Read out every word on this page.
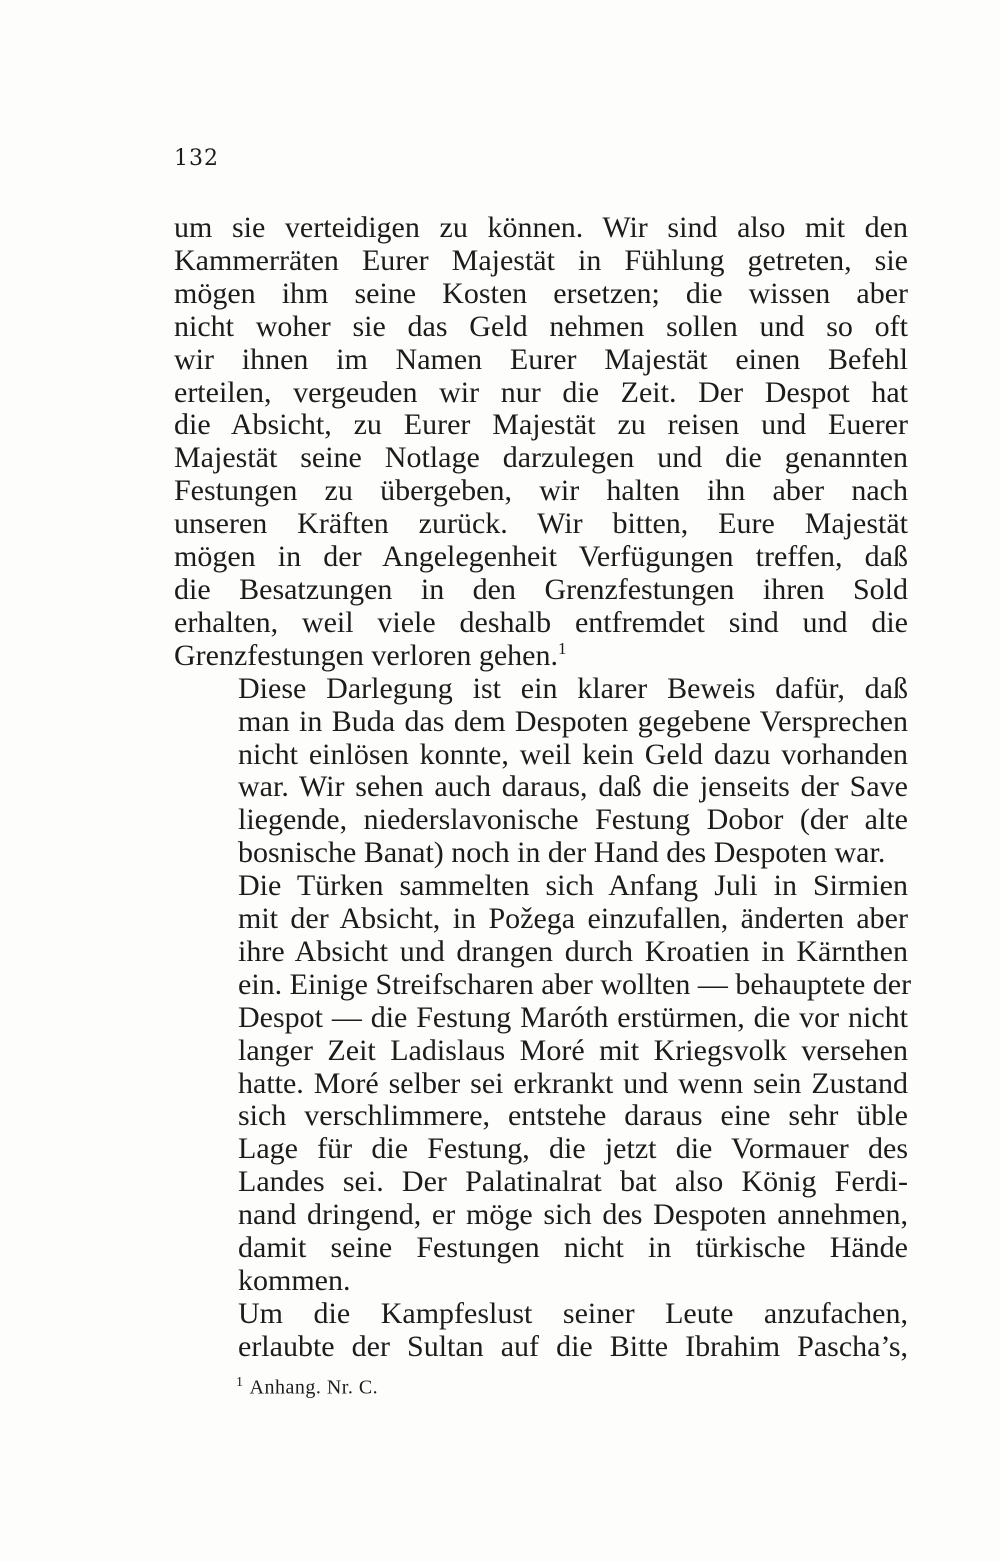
132

um sie verteidigen zu können. Wir sind also mit den
Kammerräten Eurer Majestät in Fühlung getreten, sie
mögen ihm seine Kosten ersetzen; die wissen aber
nicht woher sie das Geld nehmen sollen und so oft
wir ihnen im Namen Eurer Majestät einen Befehl
erteilen, vergeuden wir nur die Zeit. Der Despot hat
die Absicht, zu Eurer Majestät zu reisen und Euerer
Majestät seine Notlage darzulegen und die genannten
Festungen zu übergeben, wir halten ihn aber nach
unseren Kräften zurück. Wir bitten, Eure Majestät
mögen in der Angelegenheit Verfügungen treffen, daß
die Besatzungen in den Grenzfestungen ihren Sold
erhalten, weil viele deshalb entfremdet sind und die
Grenzfestungen verloren gehen.$^1$

Diese Darlegung ist ein klarer Beweis dafür, daß
man in Buda das dem Despoten gegebene Versprechen
nicht einlösen konnte, weil kein Geld dazu vorhanden
war. Wir sehen auch daraus, daß die jenseits der Save
liegende, niederslavonische Festung Dobor (der alte
bosnische Banat) noch in der Hand des Despoten war.

Die Türken sammelten sich Anfang Juli in Sirmien
mit der Absicht, in Požega einzufallen, änderten aber
ihre Absicht und drangen durch Kroatien in Kärnthen
ein. Einige Streifscharen aber wollten — behauptete der
Despot — die Festung Maróth erstürmen, die vor nicht
langer Zeit Ladislaus Moré mit Kriegsvolk versehen
hatte. Moré selber sei erkrankt und wenn sein Zustand
sich verschlimmere, entstehe daraus eine sehr üble
Lage für die Festung, die jetzt die Vormauer des
Landes sei. Der Palatinalrat bat also König Ferdi-
nand dringend, er möge sich des Despoten annehmen,
damit seine Festungen nicht in türkische Hände
kommen.

Um die Kampfeslust seiner Leute anzufachen,
erlaubte der Sultan auf die Bitte Ibrahim Pascha’s,

$^1$ Anhang. Nr. C.
